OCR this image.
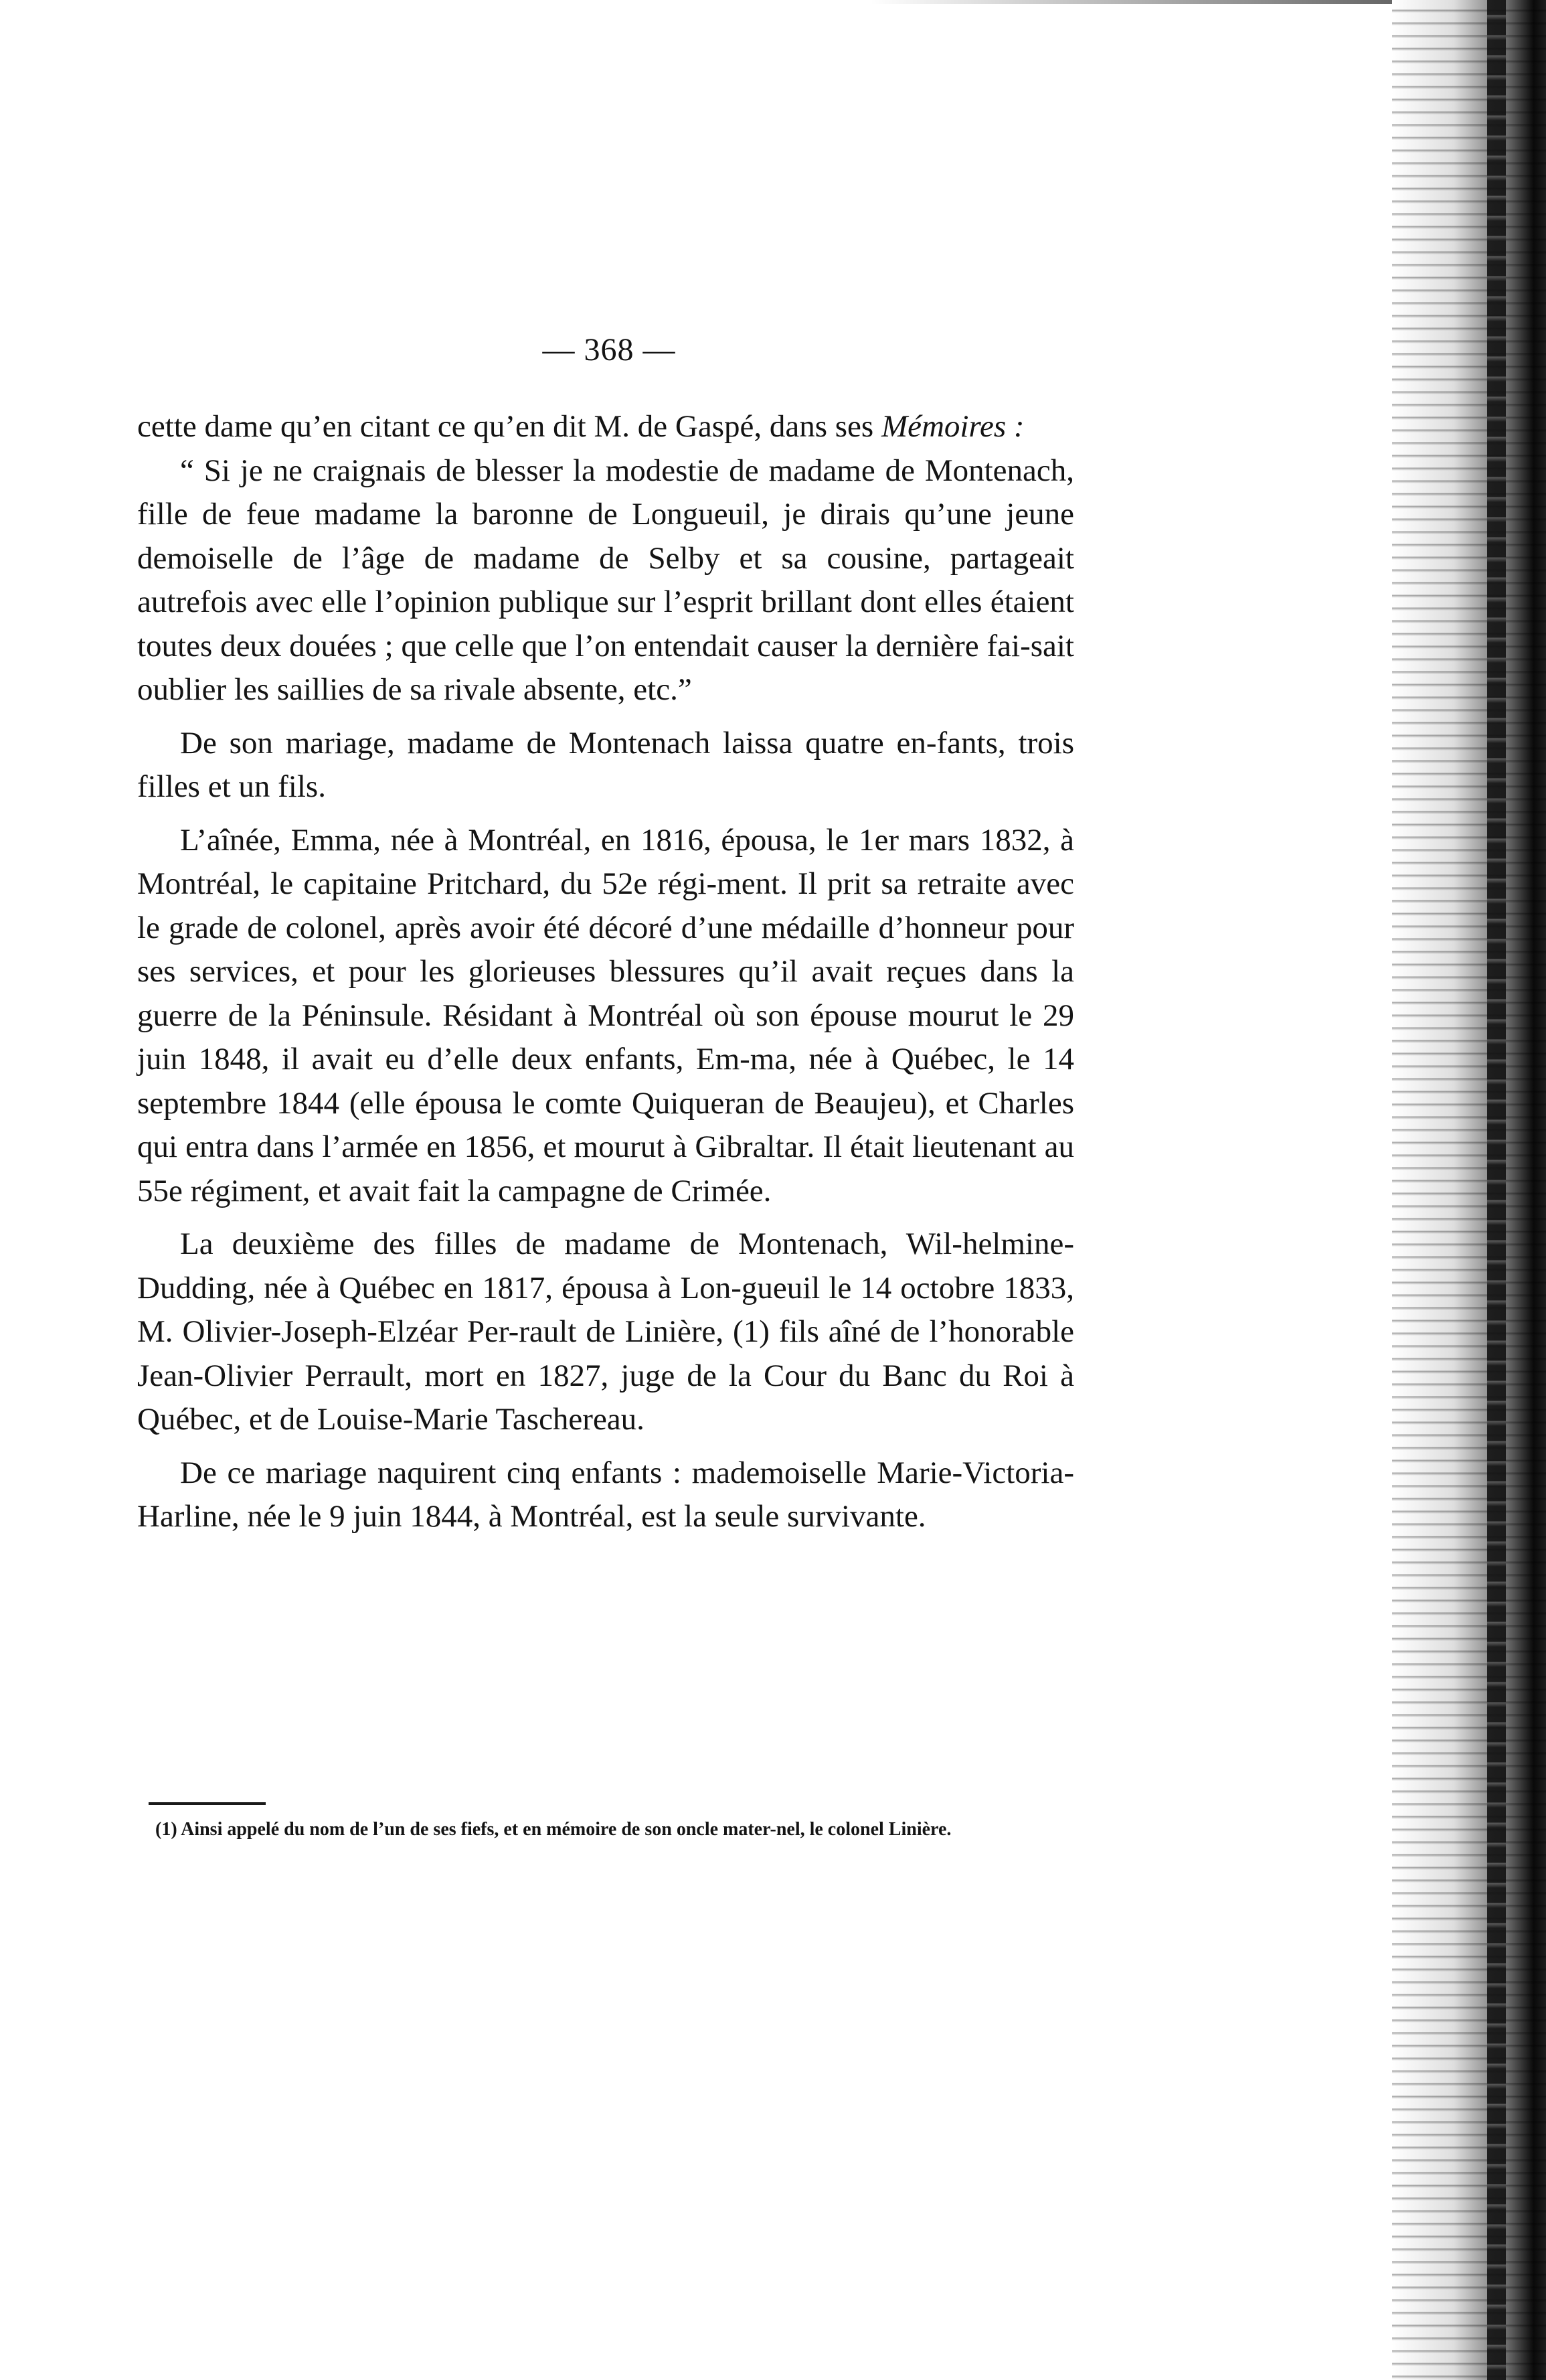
— 368 —

cette dame qu’en citant ce qu’en dit M. de Gaspé, dans ses Mémoires :

“ Si je ne craignais de blesser la modestie de madame de Montenach, fille de feue madame la baronne de Longueuil, je dirais qu’une jeune demoiselle de l’âge de madame de Selby et sa cousine, partageait autrefois avec elle l’opinion publique sur l’esprit brillant dont elles étaient toutes deux douées ; que celle que l’on entendait causer la dernière fai-sait oublier les saillies de sa rivale absente, etc.”

De son mariage, madame de Montenach laissa quatre en-fants, trois filles et un fils.

L’aînée, Emma, née à Montréal, en 1816, épousa, le 1er mars 1832, à Montréal, le capitaine Pritchard, du 52e régi-ment. Il prit sa retraite avec le grade de colonel, après avoir été décoré d’une médaille d’honneur pour ses services, et pour les glorieuses blessures qu’il avait reçues dans la guerre de la Péninsule. Résidant à Montréal où son épouse mourut le 29 juin 1848, il avait eu d’elle deux enfants, Em-ma, née à Québec, le 14 septembre 1844 (elle épousa le comte Quiqueran de Beaujeu), et Charles qui entra dans l’armée en 1856, et mourut à Gibraltar. Il était lieutenant au 55e régiment, et avait fait la campagne de Crimée.

La deuxième des filles de madame de Montenach, Wil-helmine-Dudding, née à Québec en 1817, épousa à Lon-gueuil le 14 octobre 1833, M. Olivier-Joseph-Elzéar Per-rault de Linière, (1) fils aîné de l’honorable Jean-Olivier Perrault, mort en 1827, juge de la Cour du Banc du Roi à Québec, et de Louise-Marie Taschereau.

De ce mariage naquirent cinq enfants : mademoiselle Marie-Victoria-Harline, née le 9 juin 1844, à Montréal, est la seule survivante.

(1) Ainsi appelé du nom de l’un de ses fiefs, et en mémoire de son oncle mater-nel, le colonel Linière.
